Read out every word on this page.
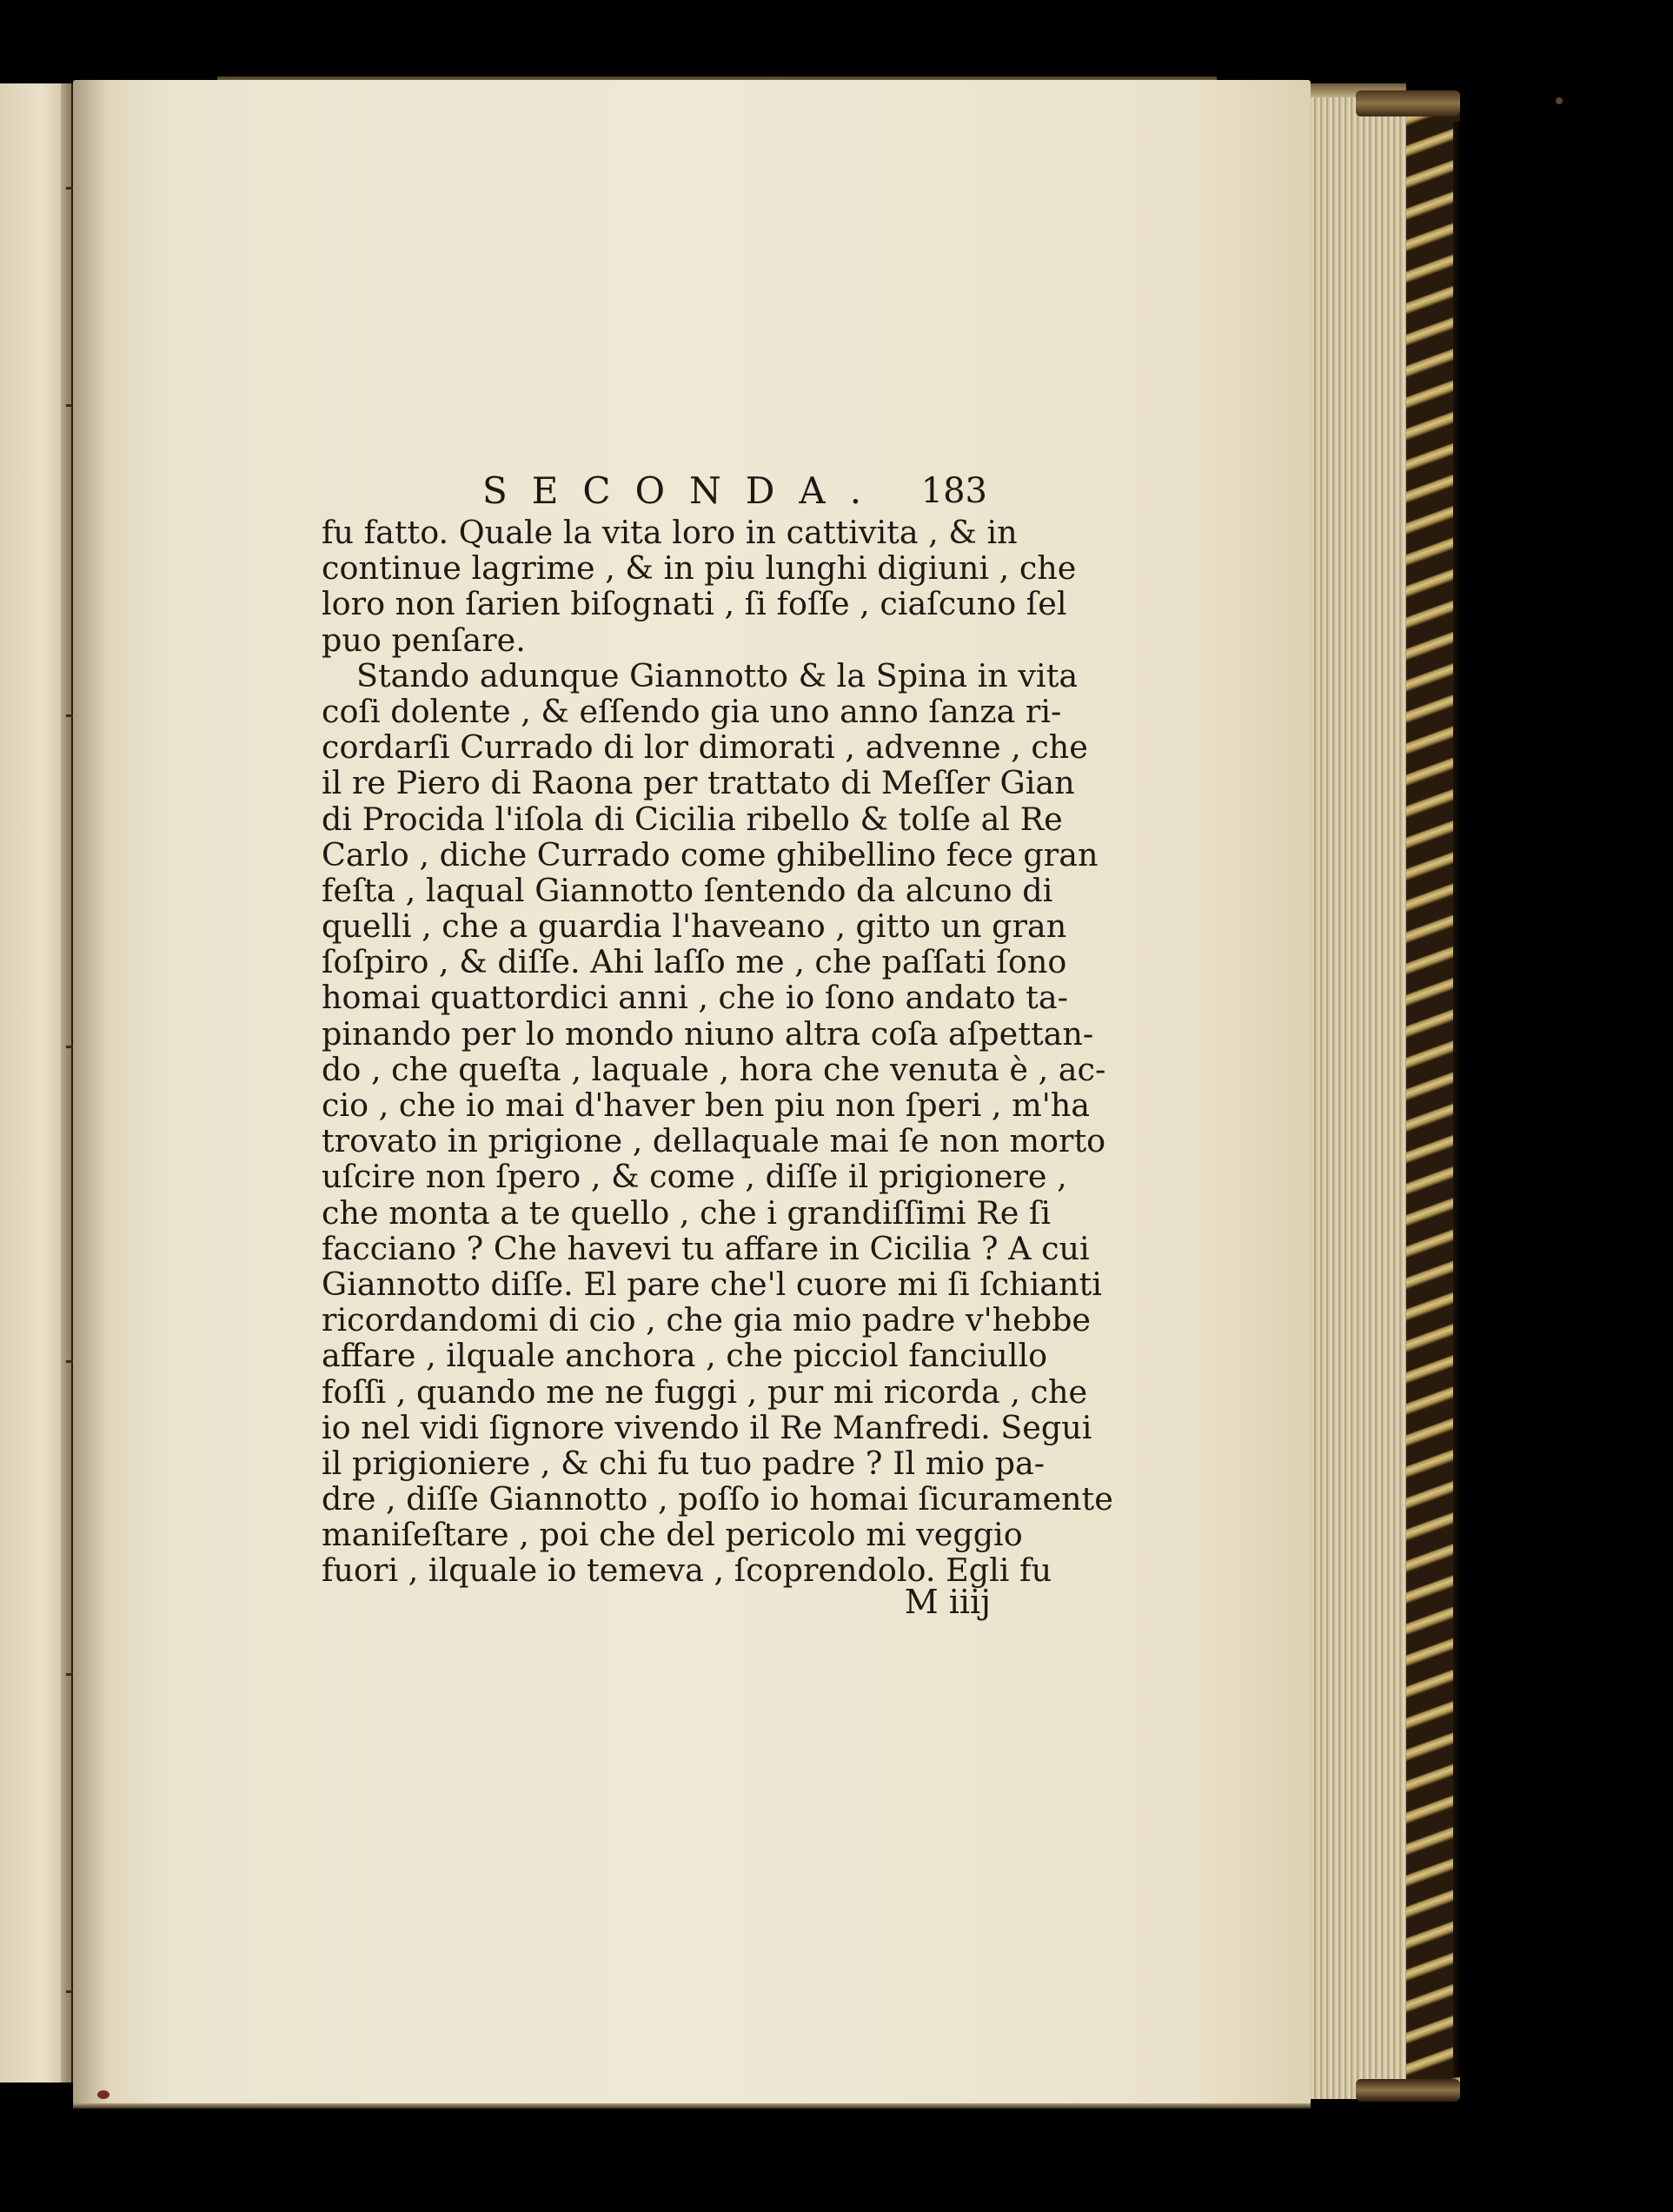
SECONDA. 183
fu fatto. Quale la vita loro in cattivita , & in
continue lagrime , & in piu lunghi digiuni , che
loro non ſarien biſognati , ſi foſſe , ciaſcuno ſel
puo penſare.
Stando adunque Giannotto & la Spina in vita
coſi dolente , & eſſendo gia uno anno ſanza ri-
cordarſi Currado di lor dimorati , advenne , che
il re Piero di Raona per trattato di Meſſer Gian
di Procida l'iſola di Cicilia ribello & tolſe al Re
Carlo , diche Currado come ghibellino fece gran
feſta , laqual Giannotto ſentendo da alcuno di
quelli , che a guardia l'haveano , gitto un gran
ſoſpiro , & diſſe. Ahi laſſo me , che paſſati ſono
homai quattordici anni , che io ſono andato ta-
pinando per lo mondo niuno altra coſa aſpettan-
do , che queſta , laquale , hora che venuta è , ac-
cio , che io mai d'haver ben piu non ſperi , m'ha
trovato in prigione , dellaquale mai ſe non morto
uſcire non ſpero , & come , diſſe il prigionere ,
che monta a te quello , che i grandiſſimi Re ſi
facciano ? Che havevi tu affare in Cicilia ? A cui
Giannotto diſſe. El pare che'l cuore mi ſi ſchianti
ricordandomi di cio , che gia mio padre v'hebbe
affare , ilquale anchora , che picciol fanciullo
foſſi , quando me ne fuggi , pur mi ricorda , che
io nel vidi ſignore vivendo il Re Manfredi. Segui
il prigioniere , & chi fu tuo padre ? Il mio pa-
dre , diſſe Giannotto , poſſo io homai ſicuramente
maniſeſtare , poi che del pericolo mi veggio
fuori , ilquale io temeva , ſcoprendolo. Egli fu
M iiij
